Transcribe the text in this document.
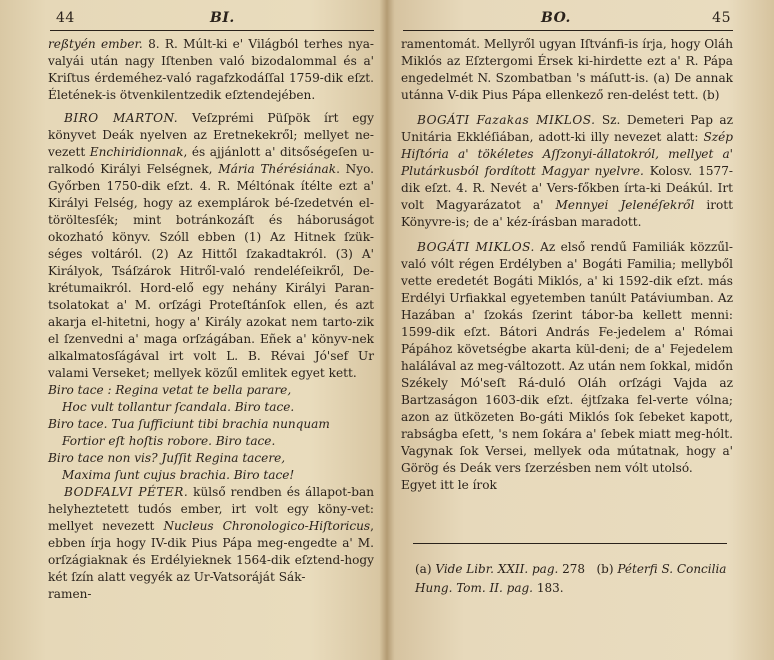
44	BI.

reßtyén ember. 8. R. Múlt-ki e' Világból terhes nya-valyái után nagy Iſtenben való bizodalommal és a' Kriſtus érdeméhez-való ragafzkodáſſal 1759-dik eſzt. Életének-is ötvenkilentzedik eſztendejében.

BIRO MARTON. Veſzprémi Püſpök írt egy könyvet Deák nyelven az Eretnekekről; mellyet ne-vezett Enchiridionnak, és ajjánlott a' ditsőségeſen u-ralkodó Királyi Felségnek, Mária Thérésiának. Nyo. Győrben 1750-dik eſzt. 4. R. Méltónak ítélte ezt a' Királyi Felség, hogy az exemplárok bé-ſzedetvén el-töröltesſék; mint botránkozáſt és háboruságot okozható könyv. Szóll ebben (1) Az Hitnek ſzük-séges voltáról. (2) Az Hittől ſzakadtakról. (3) A' Királyok, Tsáſzárok Hitről-való rendeléſeikről, De-krétumaikról. Hord-elő egy nehány Királyi Paran-tsolatokat a' M. orſzági Proteſtánſok ellen, és azt akarja el-hitetni, hogy a' Király azokat nem tarto-zik el ſzenvedni a' maga orſzágában. Eñek a' könyv-nek alkalmatosſágával irt volt L. B. Révai Jó'sef Ur valami Verseket; mellyek közűl emlitek egyet kett.

Biro tace : Regina vetat te bella parare,

Hoc vult tollantur ſcandala. Biro tace.

Biro tace. Tua ſufficiunt tibi brachia nunquam

Fortior eſt hoſtis robore. Biro tace.

Biro tace non vis? Juſſit Regina tacere,

Maxima ſunt cujus brachia. Biro tace!

BODFALVI PÉTER. külső rendben és állapot-ban helyheztetett tudós ember, irt volt egy köny-vet: mellyet nevezett Nucleus Chronologico-Hiſtoricus, ebben írja hogy IV-dik Pius Pápa meg-engedte a' M. orſzágiaknak és Erdélyieknek 1564-dik eſztend-hogy két ſzín alatt vegyék az Ur-Vatsoráját Sák-

ramen-

BO.	45

ramentomát. Mellyről ugyan Iſtvánfi-is írja, hogy Oláh Miklós az Eſztergomi Érsek ki-hirdette ezt a' R. Pápa engedelmét N. Szombatban 's máſutt-is. (a) De annak utánna V-dik Pius Pápa ellenkező ren-delést tett. (b)

BOGÁTI Fazakas MIKLOS. Sz. Demeteri Pap az Unitária Ekkléſiában, adott-ki illy nevezet alatt: Szép Hiſtória a' tökéletes Aſſzonyi-állatokról, mellyet a' Plutárkusból fordított Magyar nyelvre. Kolosv. 1577-dik eſzt. 4. R. Nevét a' Vers-főkben írta-ki Deákúl. Irt volt Magyarázatot a' Mennyei Jelenéſekről irott Könyvre-is; de a' kéz-írásban maradott.

BOGÁTI MIKLOS. Az első rendű Familiák közzűl-való vólt régen Erdélyben a' Bogáti Familia; mellyből vette eredetét Bogáti Miklós, a' ki 1592-dik eſzt. más Erdélyi Urfiakkal egyetemben tanúlt Patáviumban. Az Hazában a' ſzokás ſzerint tábor-ba kellett menni: 1599-dik eſzt. Bátori András Fe-jedelem a' Római Pápához követségbe akarta kül-deni; de a' Fejedelem halálával az meg-változott. Az után nem ſokkal, midőn Székely Mó'seſt Rá-duló Oláh orſzági Vajda az Bartzaságon 1603-dik eſzt. éjtſzaka fel-verte vólna; azon az ütközeten Bo-gáti Miklós ſok ſebeket kapott, rabságba eſett, 's nem ſokára a' ſebek miatt meg-hólt. Vagynak ſok Versei, mellyek oda mútatnak, hogy a' Görög és Deák vers ſzerzésben nem vólt utolsó.

Egyet itt le írok

(a) Vide Libr. XXII. pag. 278 (b) Péterfi S. Concilia Hung. Tom. II. pag. 183.
